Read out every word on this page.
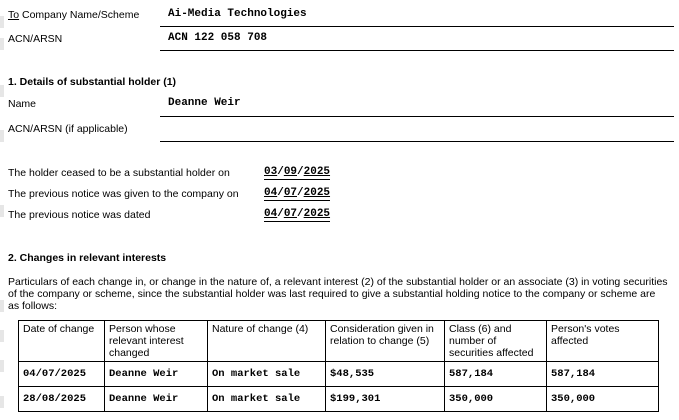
To Company Name/Scheme	Ai-Media Technologies
ACN/ARSN	ACN 122 058 708
1. Details of substantial holder (1)
Name	Deanne Weir
ACN/ARSN (if applicable)
The holder ceased to be a substantial holder on	03/09/2025
The previous notice was given to the company on 04/07/2025
The previous notice was dated	04/07/2025
2. Changes in relevant interests
Particulars of each change in, or change in the nature of, a relevant interest (2) of the substantial holder or an associate (3) in voting securities of the company or scheme, since the substantial holder was last required to give a substantial holding notice to the company or scheme are as follows:
Date of change	Person whose relevant interest changed	Nature of change (4)	Consideration given in relation to change (5)	Class (6) and number of securities affected	Person's votes affected
04/07/2025	Deanne Weir	On market sale	$48,535	587,184	587,184
28/08/2025	Deanne Weir	On market sale	$199,301	350,000	350,000
